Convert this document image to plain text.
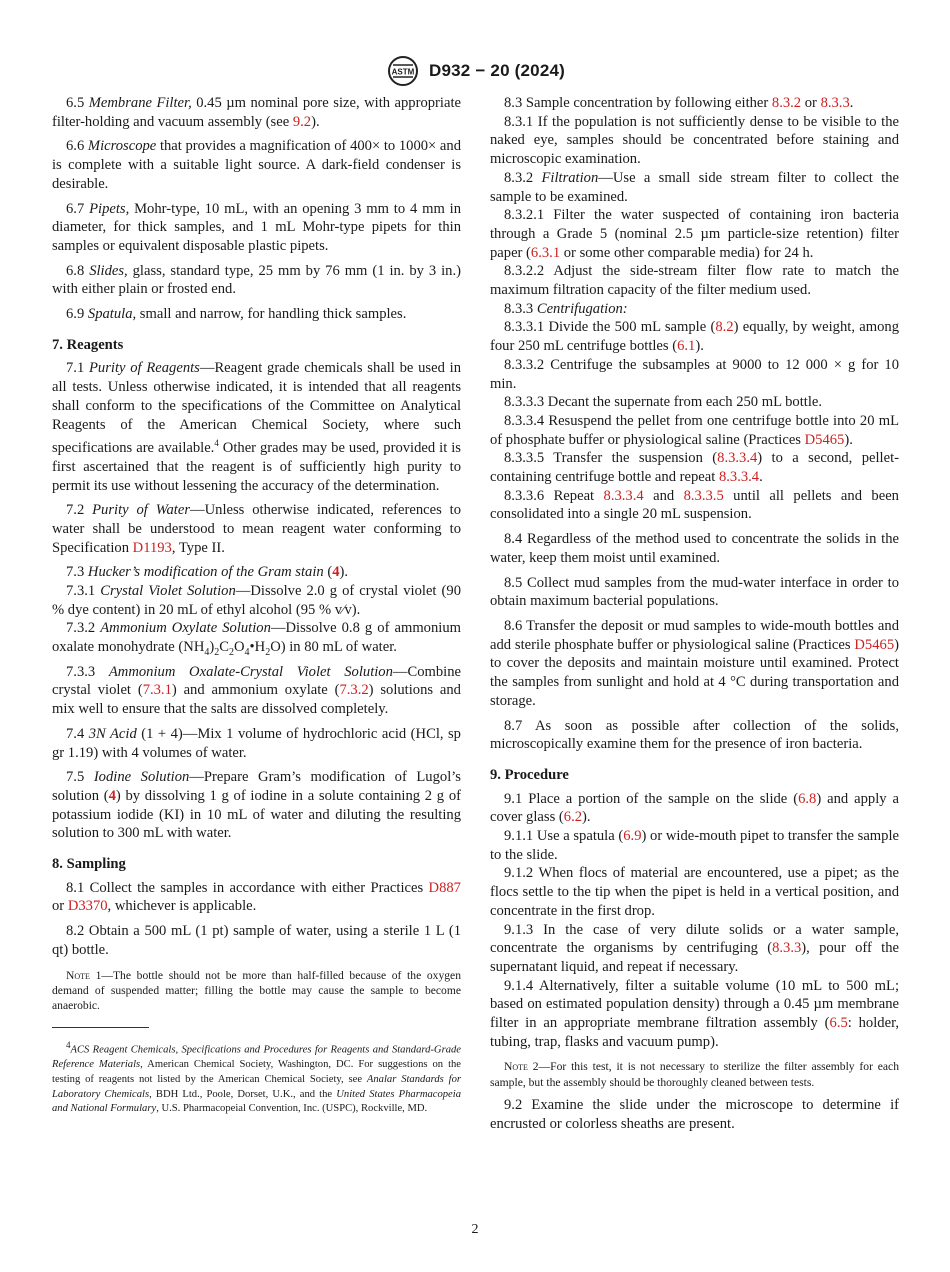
ASTM D932 − 20 (2024)

6.5 Membrane Filter, 0.45 µm nominal pore size, with appropriate filter-holding and vacuum assembly (see 9.2).

6.6 Microscope that provides a magnification of 400× to 1000× and is complete with a suitable light source. A dark-field condenser is desirable.

6.7 Pipets, Mohr-type, 10 mL, with an opening 3 mm to 4 mm in diameter, for thick samples, and 1 mL Mohr-type pipets for thin samples or equivalent disposable plastic pipets.

6.8 Slides, glass, standard type, 25 mm by 76 mm (1 in. by 3 in.) with either plain or frosted end.

6.9 Spatula, small and narrow, for handling thick samples.

7. Reagents

7.1 Purity of Reagents—Reagent grade chemicals shall be used in all tests. Unless otherwise indicated, it is intended that all reagents shall conform to the specifications of the Committee on Analytical Reagents of the American Chemical Society, where such specifications are available.$^4$ Other grades may be used, provided it is first ascertained that the reagent is of sufficiently high purity to permit its use without lessening the accuracy of the determination.

7.2 Purity of Water—Unless otherwise indicated, references to water shall be understood to mean reagent water conforming to Specification D1193, Type II.

7.3 Hucker’s modification of the Gram stain (4).

7.3.1 Crystal Violet Solution—Dissolve 2.0 g of crystal violet (90 % dye content) in 20 mL of ethyl alcohol (95 % v⁄v).

7.3.2 Ammonium Oxylate Solution—Dissolve 0.8 g of ammonium oxalate monohydrate $(NH_4)_2C_2O_4•H_2O$) in 80 mL of water.

7.3.3 Ammonium Oxalate-Crystal Violet Solution—Combine crystal violet (7.3.1) and ammonium oxylate (7.3.2) solutions and mix well to ensure that the salts are dissolved completely.

7.4 3N Acid (1 + 4)—Mix 1 volume of hydrochloric acid (HCl, sp gr 1.19) with 4 volumes of water.

7.5 Iodine Solution—Prepare Gram’s modification of Lugol’s solution (4) by dissolving 1 g of iodine in a solute containing 2 g of potassium iodide (KI) in 10 mL of water and diluting the resulting solution to 300 mL with water.

8. Sampling

8.1 Collect the samples in accordance with either Practices D887 or D3370, whichever is applicable.

8.2 Obtain a 500 mL (1 pt) sample of water, using a sterile 1 L (1 qt) bottle.

Note 1—The bottle should not be more than half-filled because of the oxygen demand of suspended matter; filling the bottle may cause the sample to become anaerobic.
$^4$ACS Reagent Chemicals, Specifications and Procedures for Reagents and Standard-Grade Reference Materials, American Chemical Society, Washington, DC. For suggestions on the testing of reagents not listed by the American Chemical Society, see Analar Standards for Laboratory Chemicals, BDH Ltd., Poole, Dorset, U.K., and the United States Pharmacopeia and National Formulary, U.S. Pharmacopeial Convention, Inc. (USPC), Rockville, MD.

8.3 Sample concentration by following either 8.3.2 or 8.3.3.

8.3.1 If the population is not sufficiently dense to be visible to the naked eye, samples should be concentrated before staining and microscopic examination.

8.3.2 Filtration—Use a small side stream filter to collect the sample to be examined.

8.3.2.1 Filter the water suspected of containing iron bacteria through a Grade 5 (nominal 2.5 µm particle-size retention) filter paper (6.3.1 or some other comparable media) for 24 h.

8.3.2.2 Adjust the side-stream filter flow rate to match the maximum filtration capacity of the filter medium used.

8.3.3 Centrifugation:

8.3.3.1 Divide the 500 mL sample (8.2) equally, by weight, among four 250 mL centrifuge bottles (6.1).

8.3.3.2 Centrifuge the subsamples at 9000 to 12 000 × g for 10 min.

8.3.3.3 Decant the supernate from each 250 mL bottle.

8.3.3.4 Resuspend the pellet from one centrifuge bottle into 20 mL of phosphate buffer or physiological saline (Practices D5465).

8.3.3.5 Transfer the suspension (8.3.3.4) to a second, pellet-containing centrifuge bottle and repeat 8.3.3.4.

8.3.3.6 Repeat 8.3.3.4 and 8.3.3.5 until all pellets and been consolidated into a single 20 mL suspension.

8.4 Regardless of the method used to concentrate the solids in the water, keep them moist until examined.

8.5 Collect mud samples from the mud-water interface in order to obtain maximum bacterial populations.

8.6 Transfer the deposit or mud samples to wide-mouth bottles and add sterile phosphate buffer or physiological saline (Practices D5465) to cover the deposits and maintain moisture until examined. Protect the samples from sunlight and hold at 4 °C during transportation and storage.

8.7 As soon as possible after collection of the solids, microscopically examine them for the presence of iron bacteria.

9. Procedure

9.1 Place a portion of the sample on the slide (6.8) and apply a cover glass (6.2).

9.1.1 Use a spatula (6.9) or wide-mouth pipet to transfer the sample to the slide.

9.1.2 When flocs of material are encountered, use a pipet; as the flocs settle to the tip when the pipet is held in a vertical position, and concentrate in the first drop.

9.1.3 In the case of very dilute solids or a water sample, concentrate the organisms by centrifuging (8.3.3), pour off the supernatant liquid, and repeat if necessary.

9.1.4 Alternatively, filter a suitable volume (10 mL to 500 mL; based on estimated population density) through a 0.45 µm membrane filter in an appropriate membrane filtration assembly (6.5: holder, tubing, trap, flasks and vacuum pump).

Note 2—For this test, it is not necessary to sterilize the filter assembly for each sample, but the assembly should be thoroughly cleaned between tests.

9.2 Examine the slide under the microscope to determine if encrusted or colorless sheaths are present.

2
